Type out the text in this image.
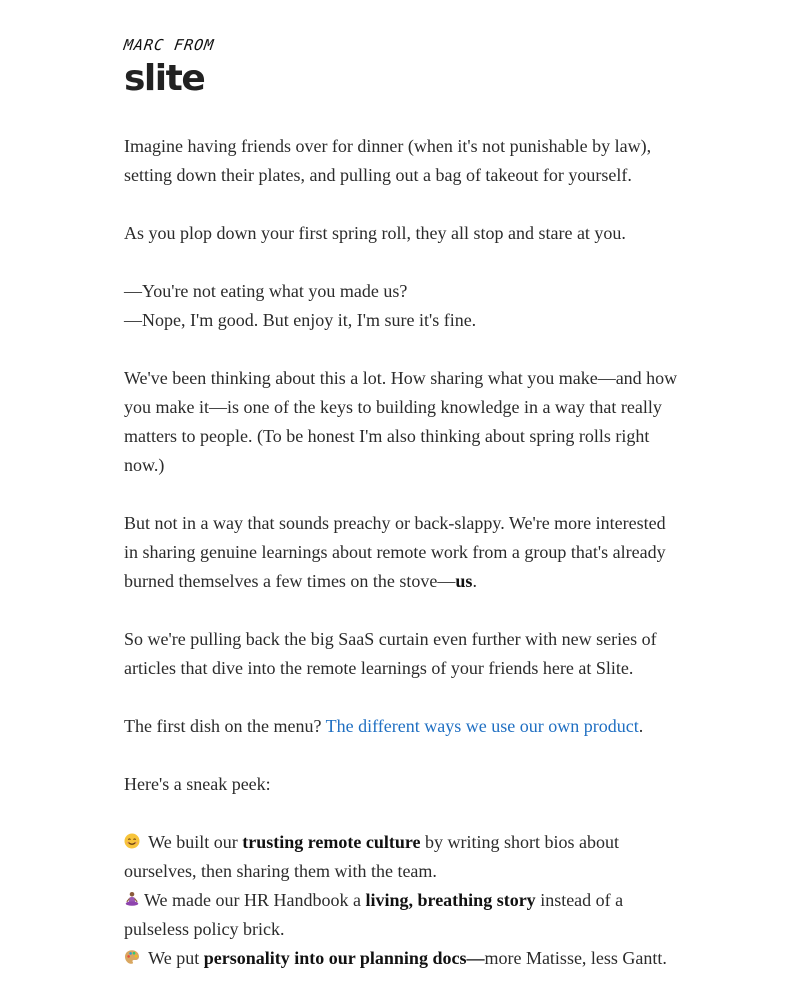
MARC FROM
slite

Imagine having friends over for dinner (when it's not punishable by law), setting down their plates, and pulling out a bag of takeout for yourself.

As you plop down your first spring roll, they all stop and stare at you.

—You're not eating what you made us?
—Nope, I'm good. But enjoy it, I'm sure it's fine.

We've been thinking about this a lot. How sharing what you make—and how you make it—is one of the keys to building knowledge in a way that really matters to people. (To be honest I'm also thinking about spring rolls right now.)

But not in a way that sounds preachy or back-slappy. We're more interested in sharing genuine learnings about remote work from a group that's already burned themselves a few times on the stove—us.

So we're pulling back the big SaaS curtain even further with new series of articles that dive into the remote learnings of your friends here at Slite.

The first dish on the menu? The different ways we use our own product.

Here's a sneak peek:

We built our trusting remote culture by writing short bios about ourselves, then sharing them with the team.
We made our HR Handbook a living, breathing story instead of a pulseless policy brick.
We put personality into our planning docs—more Matisse, less Gantt.
